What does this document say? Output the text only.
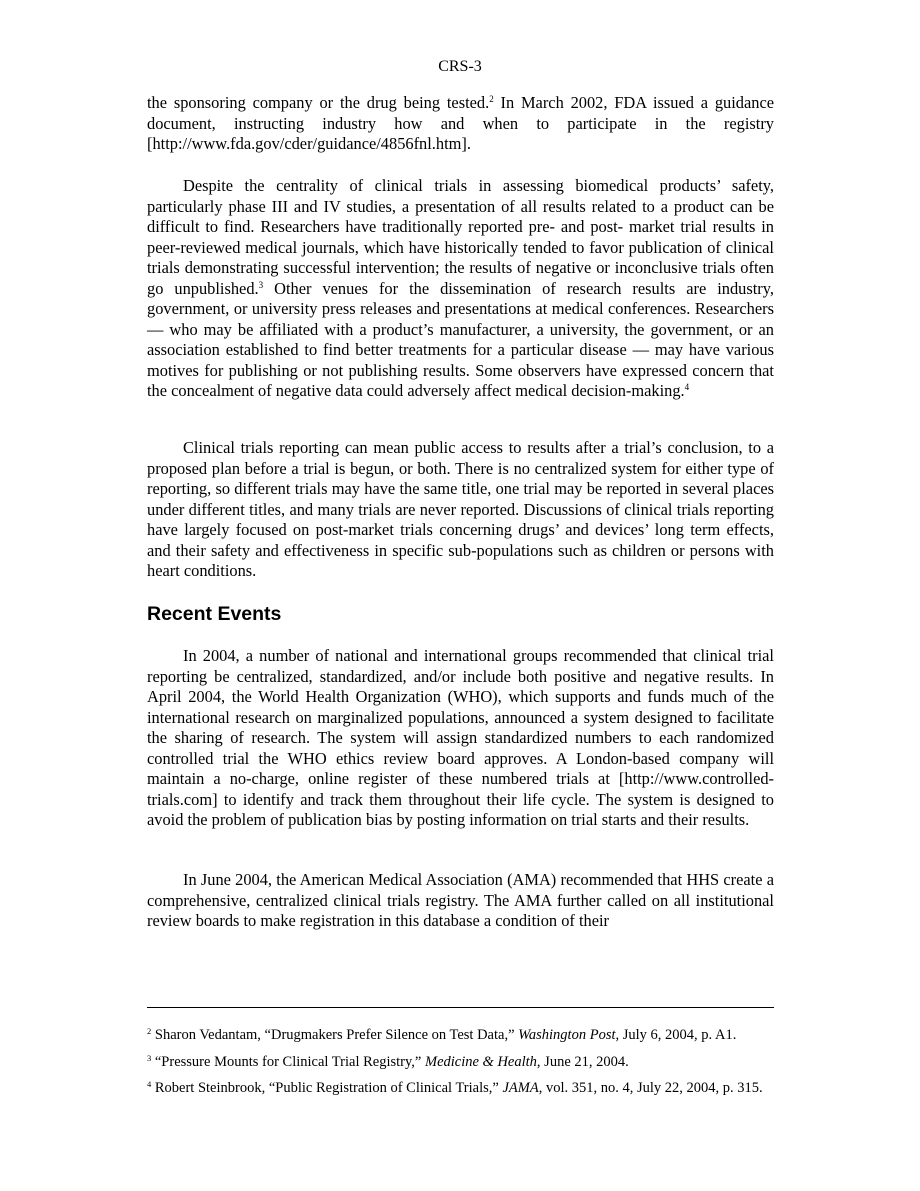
CRS-3

the sponsoring company or the drug being tested.$^2$ In March 2002, FDA issued a guidance document, instructing industry how and when to participate in the registry [http://www.fda.gov/cder/guidance/4856fnl.htm].

Despite the centrality of clinical trials in assessing biomedical products’ safety, particularly phase III and IV studies, a presentation of all results related to a product can be difficult to find. Researchers have traditionally reported pre- and post- market trial results in peer-reviewed medical journals, which have historically tended to favor publication of clinical trials demonstrating successful intervention; the results of negative or inconclusive trials often go unpublished.$^3$ Other venues for the dissemination of research results are industry, government, or university press releases and presentations at medical conferences. Researchers — who may be affiliated with a product’s manufacturer, a university, the government, or an association established to find better treatments for a particular disease — may have various motives for publishing or not publishing results. Some observers have expressed concern that the concealment of negative data could adversely affect medical decision-making.$^4$

Clinical trials reporting can mean public access to results after a trial’s conclusion, to a proposed plan before a trial is begun, or both. There is no centralized system for either type of reporting, so different trials may have the same title, one trial may be reported in several places under different titles, and many trials are never reported. Discussions of clinical trials reporting have largely focused on post-market trials concerning drugs’ and devices’ long term effects, and their safety and effectiveness in specific sub-populations such as children or persons with heart conditions.

Recent Events

In 2004, a number of national and international groups recommended that clinical trial reporting be centralized, standardized, and/or include both positive and negative results. In April 2004, the World Health Organization (WHO), which supports and funds much of the international research on marginalized populations, announced a system designed to facilitate the sharing of research. The system will assign standardized numbers to each randomized controlled trial the WHO ethics review board approves. A London-based company will maintain a no-charge, online register of these numbered trials at [http://www.controlled-trials.com] to identify and track them throughout their life cycle. The system is designed to avoid the problem of publication bias by posting information on trial starts and their results.

In June 2004, the American Medical Association (AMA) recommended that HHS create a comprehensive, centralized clinical trials registry. The AMA further called on all institutional review boards to make registration in this database a condition of their

$^2$ Sharon Vedantam, “Drugmakers Prefer Silence on Test Data,” Washington Post, July 6, 2004, p. A1.

$^3$ “Pressure Mounts for Clinical Trial Registry,” Medicine & Health, June 21, 2004.

$^4$ Robert Steinbrook, “Public Registration of Clinical Trials,” JAMA, vol. 351, no. 4, July 22, 2004, p. 315.
